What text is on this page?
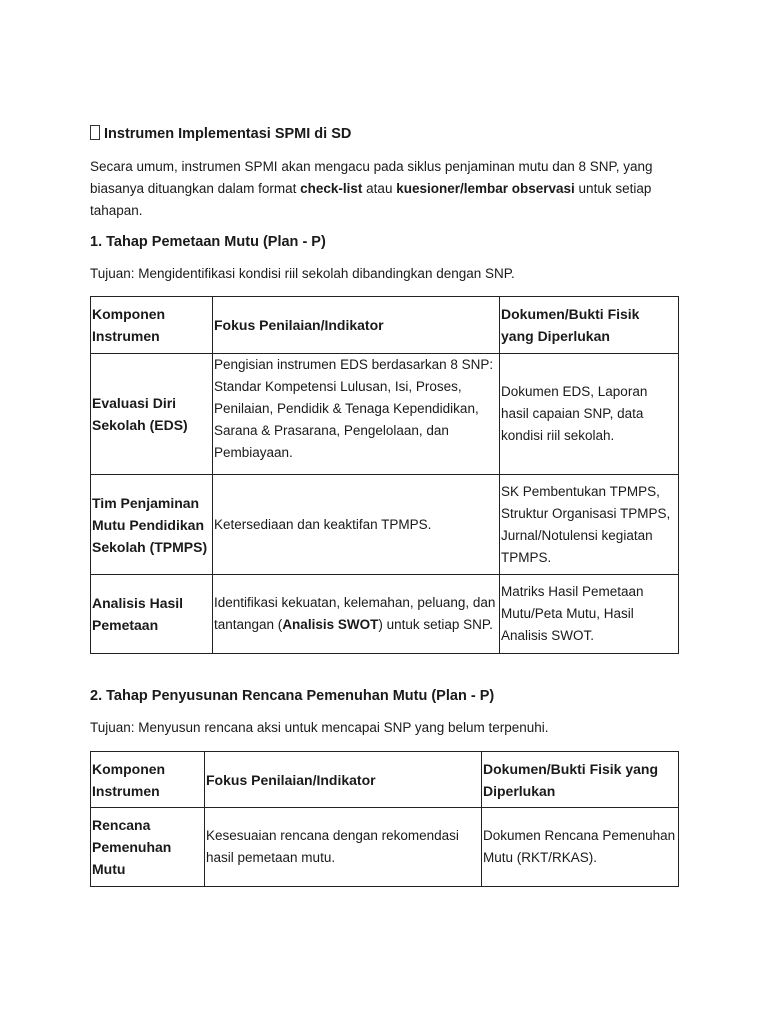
Instrumen Implementasi SPMI di SD

Secara umum, instrumen SPMI akan mengacu pada siklus penjaminan mutu dan 8 SNP, yang biasanya dituangkan dalam format check-list atau kuesioner/lembar observasi untuk setiap tahapan.

1. Tahap Pemetaan Mutu (Plan - P)
Tujuan: Mengidentifikasi kondisi riil sekolah dibandingkan dengan SNP.
Komponen Instrumen	Fokus Penilaian/Indikator	Dokumen/Bukti Fisik yang Diperlukan
Evaluasi Diri Sekolah (EDS)	Pengisian instrumen EDS berdasarkan 8 SNP: Standar Kompetensi Lulusan, Isi, Proses, Penilaian, Pendidik & Tenaga Kependidikan, Sarana & Prasarana, Pengelolaan, dan Pembiayaan.	Dokumen EDS, Laporan hasil capaian SNP, data kondisi riil sekolah.
Tim Penjaminan Mutu Pendidikan Sekolah (TPMPS)	Ketersediaan dan keaktifan TPMPS.	SK Pembentukan TPMPS, Struktur Organisasi TPMPS, Jurnal/Notulensi kegiatan TPMPS.
Analisis Hasil Pemetaan	Identifikasi kekuatan, kelemahan, peluang, dan tantangan (Analisis SWOT) untuk setiap SNP.	Matriks Hasil Pemetaan Mutu/Peta Mutu, Hasil Analisis SWOT.
2. Tahap Penyusunan Rencana Pemenuhan Mutu (Plan - P)
Tujuan: Menyusun rencana aksi untuk mencapai SNP yang belum terpenuhi.
Komponen Instrumen	Fokus Penilaian/Indikator	Dokumen/Bukti Fisik yang Diperlukan
Rencana Pemenuhan Mutu	Kesesuaian rencana dengan rekomendasi hasil pemetaan mutu.	Dokumen Rencana Pemenuhan Mutu (RKT/RKAS).
